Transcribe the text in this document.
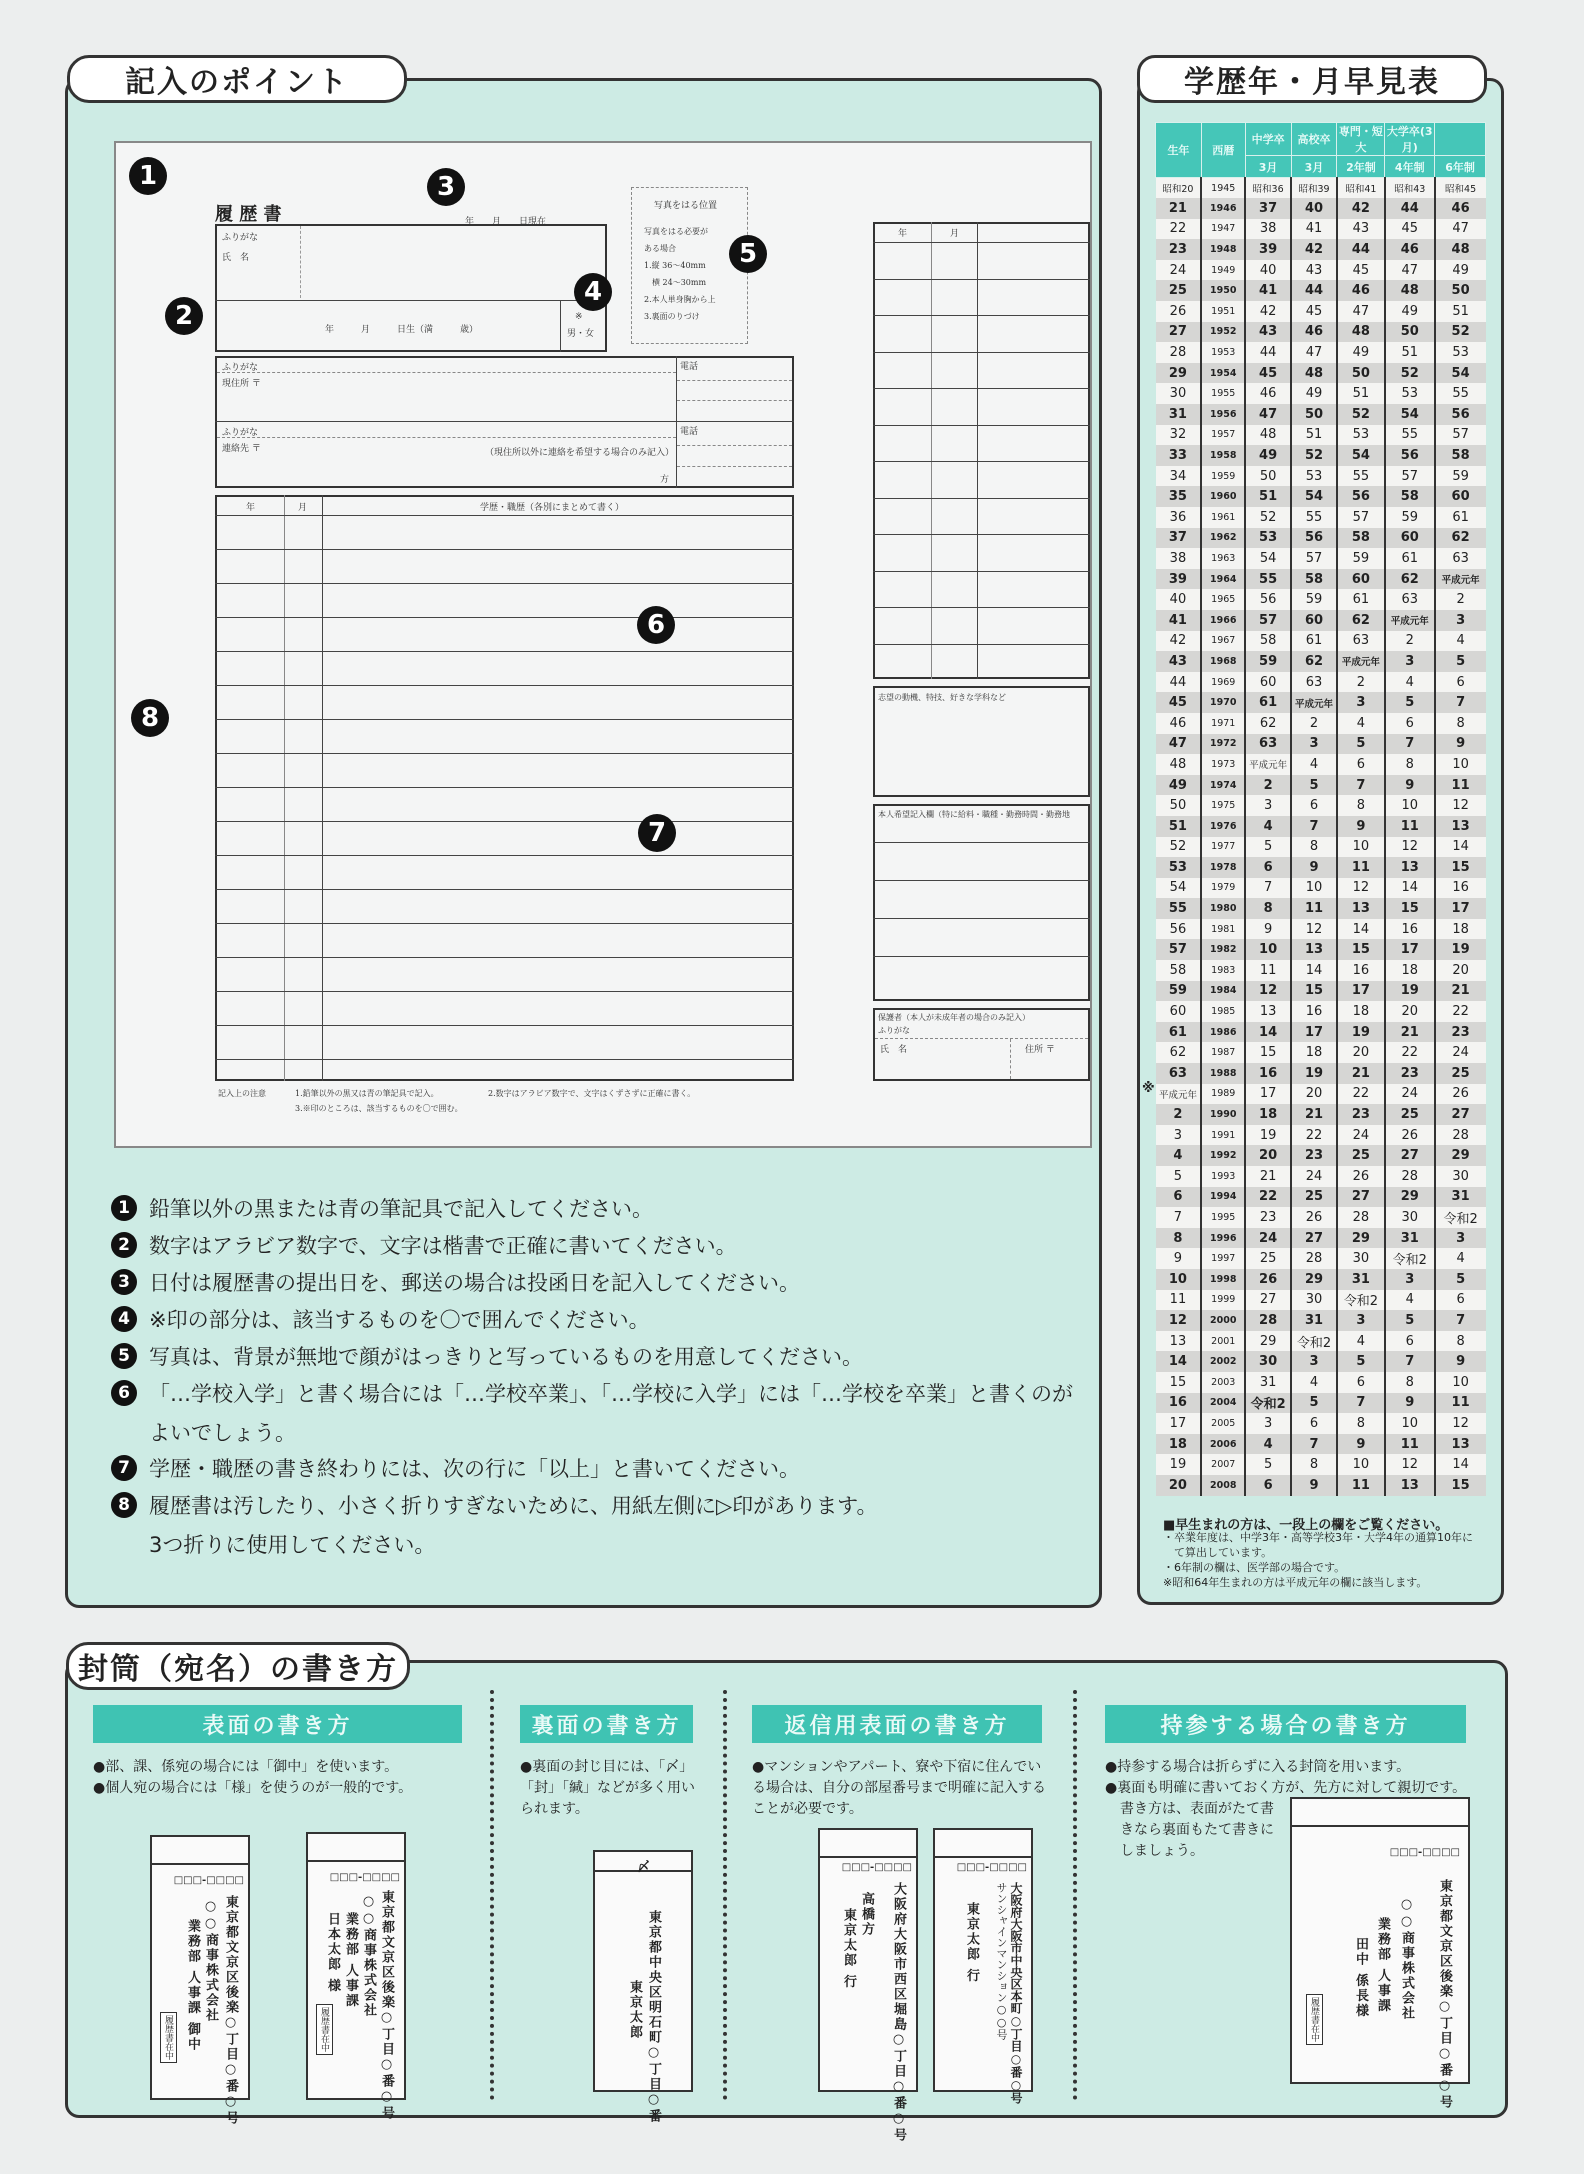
記入のポイント
履 歴 書	年　　月　　日現在
ふりがな
氏　名
年　　　月　　　日生（満　　　歳）
※
男・女
写真をはる位置
写真をはる必要が
ある場合
1.縦 36〜40mm
　横 24〜30mm
2.本人単身胸から上
3.裏面のりづけ
ふりがな
現住所 〒
電話
ふりがな
連絡先 〒	（現住所以外に連絡を希望する場合のみ記入）
方
電話
年	月	学歴・職歴（各別にまとめて書く）
年	月
志望の動機、特技、好きな学科など
本人希望記入欄（特に給料・職種・勤務時間・勤務地
保護者（本人が未成年者の場合のみ記入）
ふりがな
氏　名	住所 〒
記入上の注意	1.鉛筆以外の黒又は青の筆記具で記入。	2.数字はアラビア数字で、文字はくずさずに正確に書く。
3.※印のところは、該当するものを〇で囲む。
1
2
3
4
5
6
7
8
1 鉛筆以外の黒または青の筆記具で記入してください。
2 数字はアラビア数字で、文字は楷書で正確に書いてください。
3 日付は履歴書の提出日を、郵送の場合は投函日を記入してください。
4 ※印の部分は、該当するものを〇で囲んでください。
5 写真は、背景が無地で顔がはっきりと写っているものを用意してください。
6 「…学校入学」と書く場合には「…学校卒業」、「…学校に入学」には「…学校を卒業」と書くのが
よいでしょう。
7 学歴・職歴の書き終わりには、次の行に「以上」と書いてください。
8 履歴書は汚したり、小さく折りすぎないために、用紙左側に▷印があります。
3つ折りに使用してください。
学歴年・月早見表
生年	西暦	中学卒	高校卒	専門・短大	大学卒(3月)	
		3月	3月	2年制	4年制	6年制
昭和20	1945	昭和36	昭和39	昭和41	昭和43	昭和45
21	1946	37	40	42	44	46
22	1947	38	41	43	45	47
23	1948	39	42	44	46	48
24	1949	40	43	45	47	49
25	1950	41	44	46	48	50
26	1951	42	45	47	49	51
27	1952	43	46	48	50	52
28	1953	44	47	49	51	53
29	1954	45	48	50	52	54
30	1955	46	49	51	53	55
31	1956	47	50	52	54	56
32	1957	48	51	53	55	57
33	1958	49	52	54	56	58
34	1959	50	53	55	57	59
35	1960	51	54	56	58	60
36	1961	52	55	57	59	61
37	1962	53	56	58	60	62
38	1963	54	57	59	61	63
39	1964	55	58	60	62	平成元年
40	1965	56	59	61	63	2
41	1966	57	60	62	平成元年	3
42	1967	58	61	63	2	4
43	1968	59	62	平成元年	3	5
44	1969	60	63	2	4	6
45	1970	61	平成元年	3	5	7
46	1971	62	2	4	6	8
47	1972	63	3	5	7	9
48	1973	平成元年	4	6	8	10
49	1974	2	5	7	9	11
50	1975	3	6	8	10	12
51	1976	4	7	9	11	13
52	1977	5	8	10	12	14
53	1978	6	9	11	13	15
54	1979	7	10	12	14	16
55	1980	8	11	13	15	17
56	1981	9	12	14	16	18
57	1982	10	13	15	17	19
58	1983	11	14	16	18	20
59	1984	12	15	17	19	21
60	1985	13	16	18	20	22
61	1986	14	17	19	21	23
62	1987	15	18	20	22	24
63	1988	16	19	21	23	25
平成元年	1989	17	20	22	24	26
2	1990	18	21	23	25	27
3	1991	19	22	24	26	28
4	1992	20	23	25	27	29
5	1993	21	24	26	28	30
6	1994	22	25	27	29	31
7	1995	23	26	28	30	令和2
8	1996	24	27	29	31	3
9	1997	25	28	30	令和2	4
10	1998	26	29	31	3	5
11	1999	27	30	令和2	4	6
12	2000	28	31	3	5	7
13	2001	29	令和2	4	6	8
14	2002	30	3	5	7	9
15	2003	31	4	6	8	10
16	2004	令和2	5	7	9	11
17	2005	3	6	8	10	12
18	2006	4	7	9	11	13
19	2007	5	8	10	12	14
20	2008	6	9	11	13	15
※
■早生まれの方は、一段上の欄をご覧ください。
・卒業年度は、中学3年・高等学校3年・大学4年の通算10年に
　て算出しています。
・6年制の欄は、医学部の場合です。
※昭和64年生まれの方は平成元年の欄に該当します。
封筒（宛名）の書き方
表面の書き方	裏面の書き方	返信用表面の書き方	持参する場合の書き方
●部、課、係宛の場合には「御中」を使います。
●個人宛の場合には「様」を使うのが一般的です。
●裏面の封じ目には、「〆」「封」「緘」などが多く用いられます。
●マンションやアパート、寮や下宿に住んでいる場合は、自分の部屋番号まで明確に記入することが必要です。
●持参する場合は折らずに入る封筒を用います。
●裏面も明確に書いておく方が、先方に対して親切です。
書き方は、表面がたて書きなら裏面もたて書きにしましょう。
□□□-□□□□
東京都文京区後楽○丁目○番○号
○○商事株式会社
業務部 人事課 御中
履歴書在中
□□□-□□□□
東京都文京区後楽○丁目○番○号
○○商事株式会社
業務部 人事課
日本太郎 様
履歴書在中
〆
東京都中央区明石町○丁目○番
東京太郎
□□□-□□□□
大阪府大阪市西区堀島○丁目○番○号
高橋方
東京太郎 行
□□□-□□□□
大阪府大阪市中央区本町○丁目○番○号
サンシャインマンション○○号
東京太郎 行
□□□-□□□□
東京都文京区後楽○丁目○番○号
○○商事株式会社
業務部 人事課
田中 係長様
履歴書在中
